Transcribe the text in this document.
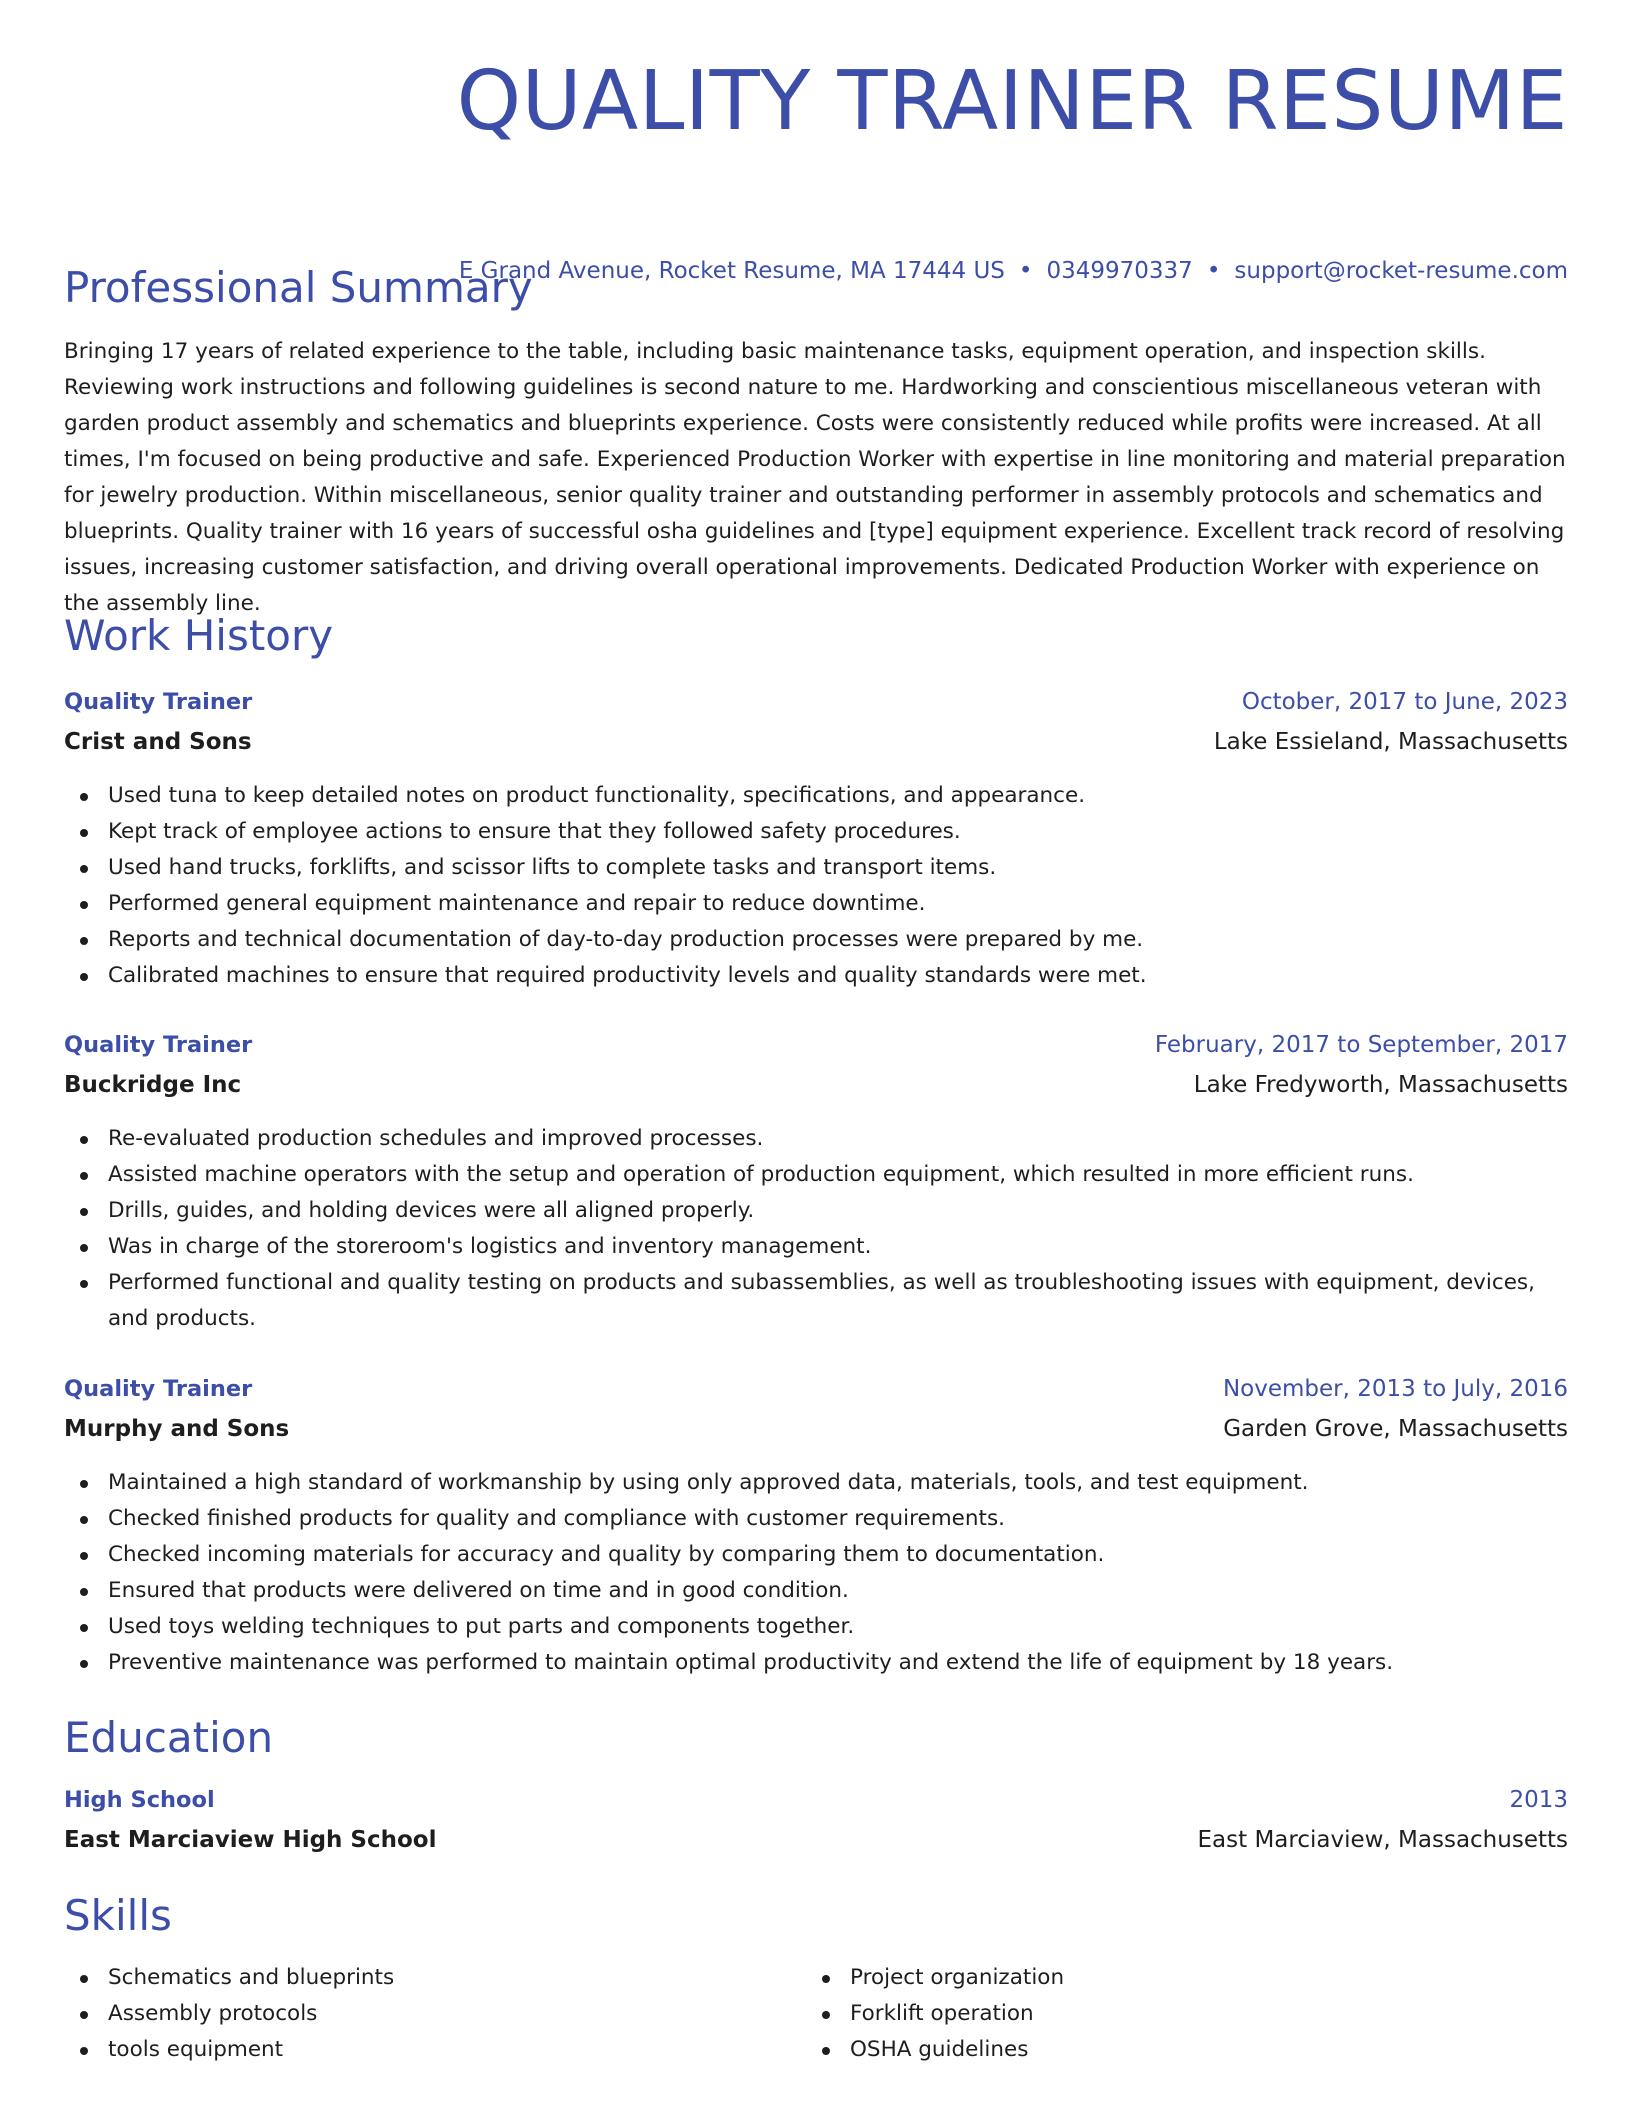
QUALITY TRAINER RESUME
E Grand Avenue, Rocket Resume, MA 17444 US • 0349970337 • support@rocket-resume.com
Professional Summary

Bringing 17 years of related experience to the table, including basic maintenance tasks, equipment operation, and inspection skills. Reviewing work instructions and following guidelines is second nature to me. Hardworking and conscientious miscellaneous veteran with garden product assembly and schematics and blueprints experience. Costs were consistently reduced while profits were increased. At all times, I'm focused on being productive and safe. Experienced Production Worker with expertise in line monitoring and material preparation for jewelry production. Within miscellaneous, senior quality trainer and outstanding performer in assembly protocols and schematics and blueprints. Quality trainer with 16 years of successful osha guidelines and [type] equipment experience. Excellent track record of resolving issues, increasing customer satisfaction, and driving overall operational improvements. Dedicated Production Worker with experience on the assembly line.

Work History
Quality Trainer	October, 2017 to June, 2023
Crist and Sons	Lake Essieland, Massachusetts
Used tuna to keep detailed notes on product functionality, specifications, and appearance.
Kept track of employee actions to ensure that they followed safety procedures.
Used hand trucks, forklifts, and scissor lifts to complete tasks and transport items.
Performed general equipment maintenance and repair to reduce downtime.
Reports and technical documentation of day-to-day production processes were prepared by me.
Calibrated machines to ensure that required productivity levels and quality standards were met.
Quality Trainer	February, 2017 to September, 2017
Buckridge Inc	Lake Fredyworth, Massachusetts
Re-evaluated production schedules and improved processes.
Assisted machine operators with the setup and operation of production equipment, which resulted in more efficient runs.
Drills, guides, and holding devices were all aligned properly.
Was in charge of the storeroom's logistics and inventory management.
Performed functional and quality testing on products and subassemblies, as well as troubleshooting issues with equipment, devices, and products.
Quality Trainer	November, 2013 to July, 2016
Murphy and Sons	Garden Grove, Massachusetts
Maintained a high standard of workmanship by using only approved data, materials, tools, and test equipment.
Checked finished products for quality and compliance with customer requirements.
Checked incoming materials for accuracy and quality by comparing them to documentation.
Ensured that products were delivered on time and in good condition.
Used toys welding techniques to put parts and components together.
Preventive maintenance was performed to maintain optimal productivity and extend the life of equipment by 18 years.
Education
High School	2013
East Marciaview High School	East Marciaview, Massachusetts
Skills
Schematics and blueprints
Assembly protocols
tools equipment
Project organization
Forklift operation
OSHA guidelines
